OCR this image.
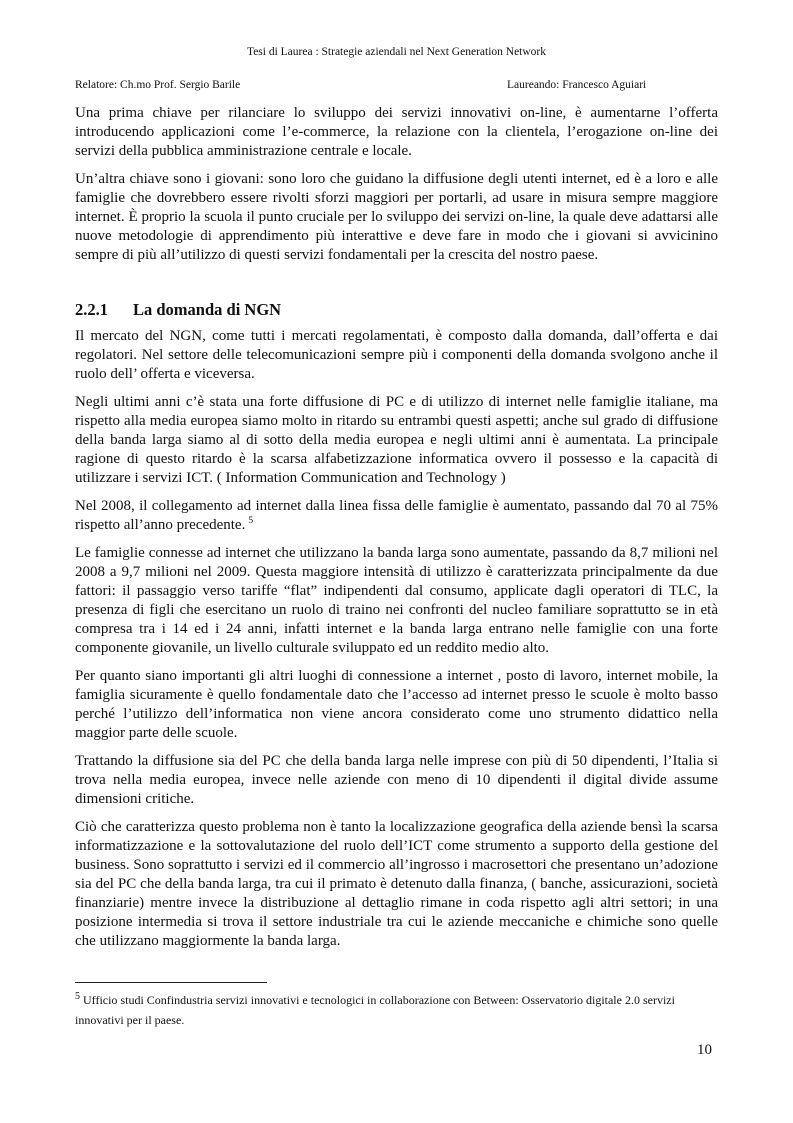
Tesi di Laurea : Strategie aziendali nel Next Generation Network
Relatore: Ch.mo Prof. Sergio Barile	Laureando: Francesco Aguiari

Una prima chiave per rilanciare lo sviluppo dei servizi innovativi on-line, è aumentarne l’offerta introducendo applicazioni come l’e-commerce, la relazione con la clientela, l’erogazione on-line dei servizi della pubblica amministrazione centrale e locale.

Un’altra chiave sono i giovani: sono loro che guidano la diffusione degli utenti internet, ed è a loro e alle famiglie che dovrebbero essere rivolti sforzi maggiori per portarli, ad usare in misura sempre maggiore internet. È proprio la scuola il punto cruciale per lo sviluppo dei servizi on-line, la quale deve adattarsi alle nuove metodologie di apprendimento più interattive e deve fare in modo che i giovani si avvicinino sempre di più all’utilizzo di questi servizi fondamentali per la crescita del nostro paese.

2.2.1 La domanda di NGN

Il mercato del NGN, come tutti i mercati regolamentati, è composto dalla domanda, dall’offerta e dai regolatori. Nel settore delle telecomunicazioni sempre più i componenti della domanda svolgono anche il ruolo dell’ offerta e viceversa.

Negli ultimi anni c’è stata una forte diffusione di PC e di utilizzo di internet nelle famiglie italiane, ma rispetto alla media europea siamo molto in ritardo su entrambi questi aspetti; anche sul grado di diffusione della banda larga siamo al di sotto della media europea e negli ultimi anni è aumentata. La principale ragione di questo ritardo è la scarsa alfabetizzazione informatica ovvero il possesso e la capacità di utilizzare i servizi ICT. ( Information Communication and Technology )

Nel 2008, il collegamento ad internet dalla linea fissa delle famiglie è aumentato, passando dal 70 al 75% rispetto all’anno precedente. $^5$

Le famiglie connesse ad internet che utilizzano la banda larga sono aumentate, passando da 8,7 milioni nel 2008 a 9,7 milioni nel 2009. Questa maggiore intensità di utilizzo è caratterizzata principalmente da due fattori: il passaggio verso tariffe “flat” indipendenti dal consumo, applicate dagli operatori di TLC, la presenza di figli che esercitano un ruolo di traino nei confronti del nucleo familiare soprattutto se in età compresa tra i 14 ed i 24 anni, infatti internet e la banda larga entrano nelle famiglie con una forte componente giovanile, un livello culturale sviluppato ed un reddito medio alto.

Per quanto siano importanti gli altri luoghi di connessione a internet , posto di lavoro, internet mobile, la famiglia sicuramente è quello fondamentale dato che l’accesso ad internet presso le scuole è molto basso perché l’utilizzo dell’informatica non viene ancora considerato come uno strumento didattico nella maggior parte delle scuole.

Trattando la diffusione sia del PC che della banda larga nelle imprese con più di 50 dipendenti, l’Italia si trova nella media europea, invece nelle aziende con meno di 10 dipendenti il digital divide assume dimensioni critiche.

Ciò che caratterizza questo problema non è tanto la localizzazione geografica della aziende bensì la scarsa informatizzazione e la sottovalutazione del ruolo dell’ICT come strumento a supporto della gestione del business. Sono soprattutto i servizi ed il commercio all’ingrosso i macrosettori che presentano un’adozione sia del PC che della banda larga, tra cui il primato è detenuto dalla finanza, ( banche, assicurazioni, società finanziarie) mentre invece la distribuzione al dettaglio rimane in coda rispetto agli altri settori; in una posizione intermedia si trova il settore industriale tra cui le aziende meccaniche e chimiche sono quelle che utilizzano maggiormente la banda larga.

$^5$ Ufficio studi Confindustria servizi innovativi e tecnologici in collaborazione con Between: Osservatorio digitale 2.0 servizi innovativi per il paese.
10
